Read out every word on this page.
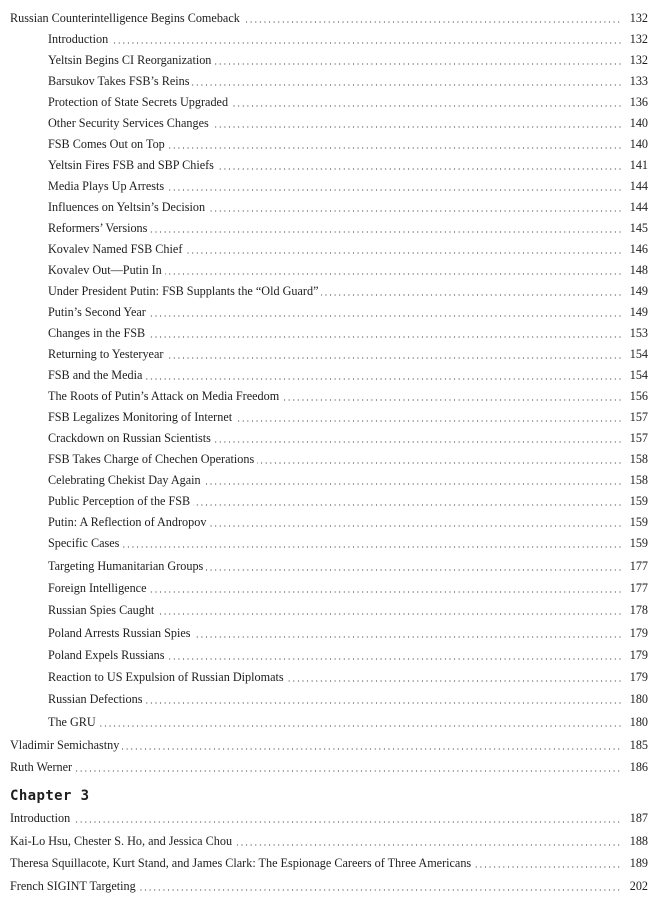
Russian Counterintelligence Begins Comeback	132
Introduction	132
Yeltsin Begins CI Reorganization	132
Barsukov Takes FSB’s Reins	133
Protection of State Secrets Upgraded	136
Other Security Services Changes	140
FSB Comes Out on Top	140
Yeltsin Fires FSB and SBP Chiefs	141
Media Plays Up Arrests	144
Influences on Yeltsin’s Decision	144
Reformers’ Versions	145
Kovalev Named FSB Chief	146
Kovalev Out—Putin In	148
Under President Putin: FSB Supplants the “Old Guard”	149
Putin’s Second Year	149
Changes in the FSB	153
Returning to Yesteryear	154
FSB and the Media	154
The Roots of Putin’s Attack on Media Freedom	156
FSB Legalizes Monitoring of Internet	157
Crackdown on Russian Scientists	157
FSB Takes Charge of Chechen Operations	158
Celebrating Chekist Day Again	158
Public Perception of the FSB	159
Putin: A Reflection of Andropov	159
Specific Cases	159
Targeting Humanitarian Groups	177
Foreign Intelligence	177
Russian Spies Caught	178
Poland Arrests Russian Spies	179
Poland Expels Russians	179
Reaction to US Expulsion of Russian Diplomats	179
Russian Defections	180
The GRU	180
Vladimir Semichastny	185
Ruth Werner	186
Chapter 3
Introduction	187
Kai-Lo Hsu, Chester S. Ho, and Jessica Chou	188
Theresa Squillacote, Kurt Stand, and James Clark: The Espionage Careers of Three Americans	189
French SIGINT Targeting	202
